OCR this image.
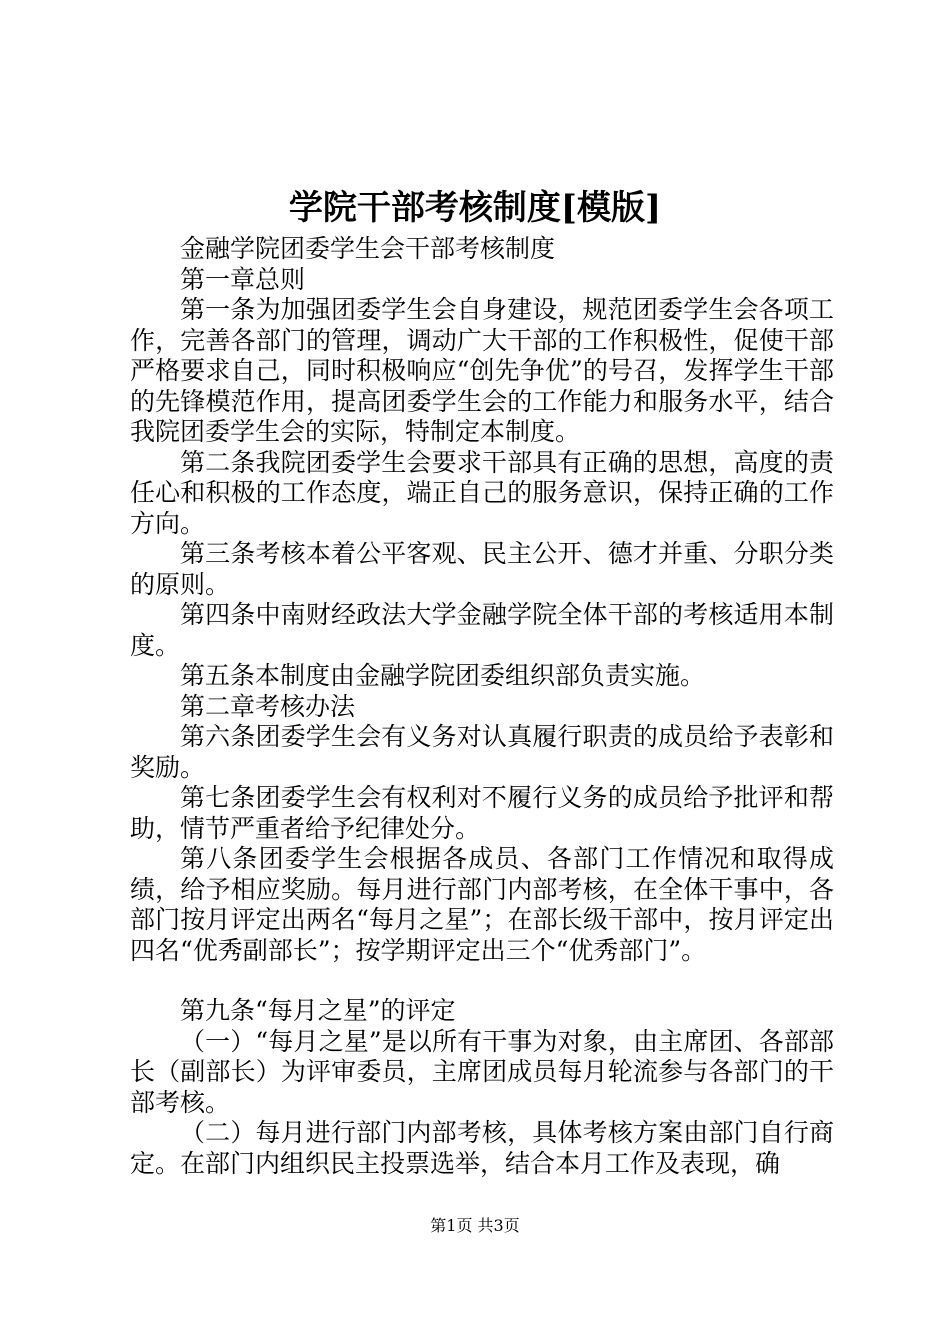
学院干部考核制度[模版]

金融学院团委学生会干部考核制度

第一章总则

第一条为加强团委学生会自身建设，规范团委学生会各项工作，完善各部门的管理，调动广大干部的工作积极性，促使干部严格要求自己，同时积极响应“创先争优”的号召，发挥学生干部的先锋模范作用，提高团委学生会的工作能力和服务水平，结合我院团委学生会的实际，特制定本制度。

第二条我院团委学生会要求干部具有正确的思想，高度的责任心和积极的工作态度，端正自己的服务意识，保持正确的工作方向。

第三条考核本着公平客观、民主公开、德才并重、分职分类的原则。

第四条中南财经政法大学金融学院全体干部的考核适用本制度。

第五条本制度由金融学院团委组织部负责实施。

第二章考核办法

第六条团委学生会有义务对认真履行职责的成员给予表彰和奖励。

第七条团委学生会有权利对不履行义务的成员给予批评和帮助，情节严重者给予纪律处分。

第八条团委学生会根据各成员、各部门工作情况和取得成绩，给予相应奖励。每月进行部门内部考核，在全体干事中，各部门按月评定出两名“每月之星”；在部长级干部中，按月评定出四名“优秀副部长”；按学期评定出三个“优秀部门”。

第九条“每月之星”的评定

（一）“每月之星”是以所有干事为对象，由主席团、各部部长（副部长）为评审委员，主席团成员每月轮流参与各部门的干部考核。

（二）每月进行部门内部考核，具体考核方案由部门自行商定。在部门内组织民主投票选举，结合本月工作及表现，确

第1页 共3页
